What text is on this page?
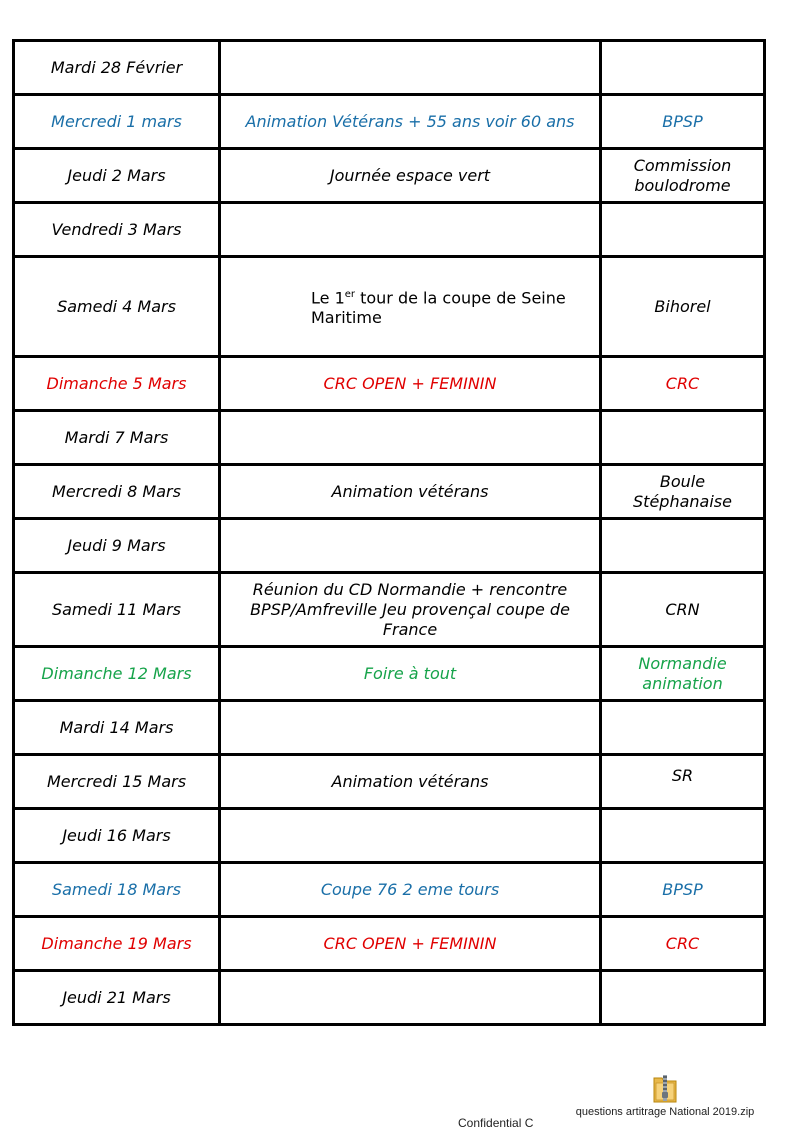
Mardi 28 Février		
Mercredi 1 mars	Animation Vétérans + 55 ans voir 60 ans	BPSP
Jeudi 2 Mars	Journée espace vert	Commission boulodrome
Vendredi 3 Mars		
Samedi 4 Mars	Le 1er tour de la coupe de Seine Maritime	Bihorel
Dimanche 5 Mars	CRC OPEN + FEMININ	CRC
Mardi 7 Mars		
Mercredi 8 Mars	Animation vétérans	Boule Stéphanaise
Jeudi 9 Mars		
Samedi 11 Mars	Réunion du CD Normandie + rencontre BPSP/Amfreville Jeu provençal coupe de France	CRN
Dimanche 12 Mars	Foire à tout	Normandie animation
Mardi 14 Mars		
Mercredi 15 Mars	Animation vétérans	SR
Jeudi 16 Mars		
Samedi 18 Mars	Coupe 76 2 eme tours	BPSP
Dimanche 19 Mars	CRC OPEN + FEMININ	CRC
Jeudi 21 Mars		
Confidential C
questions artitrage National 2019.zip
